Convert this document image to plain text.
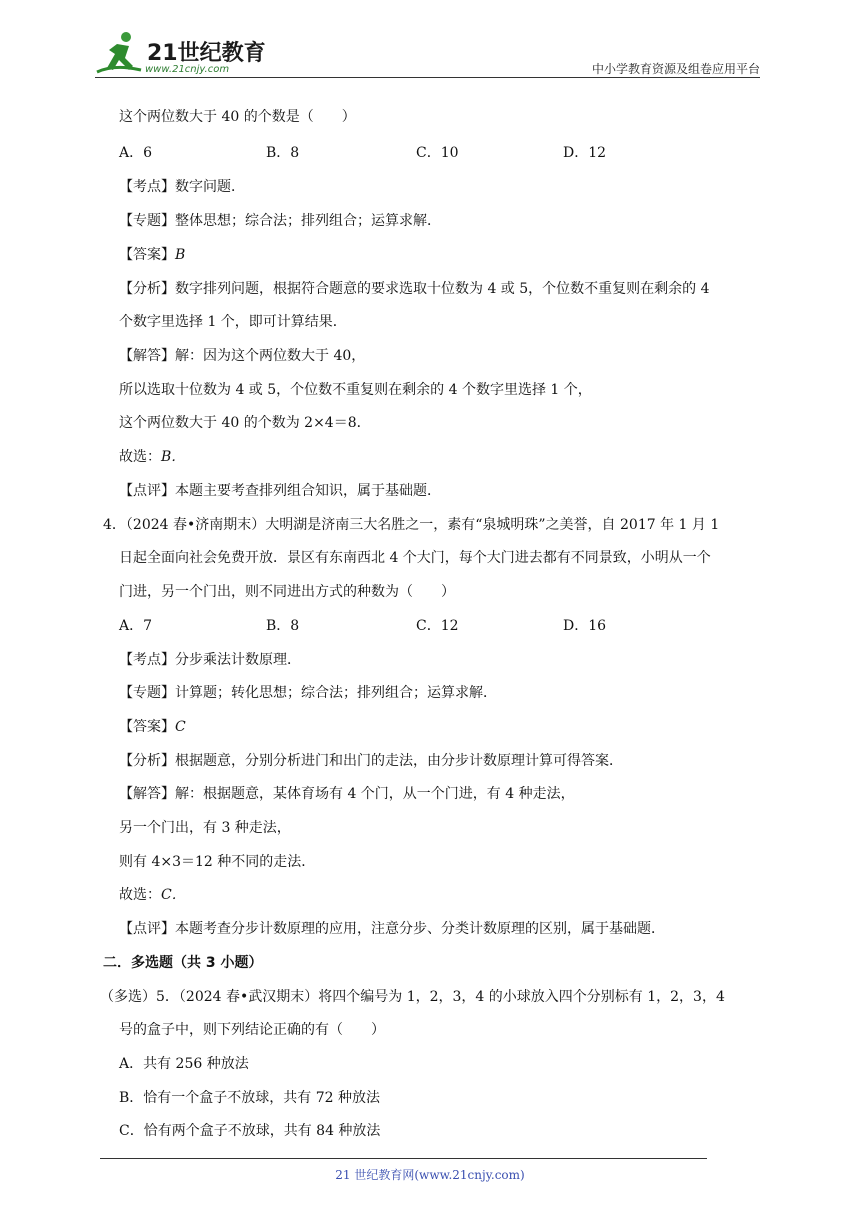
21世纪教育
www.21cnjy.com	中小学教育资源及组卷应用平台
这个两位数大于 40 的个数是（　　）
A．6	B．8	C．10	D．12
【考点】数字问题．
【专题】整体思想；综合法；排列组合；运算求解．
【答案】B
【分析】数字排列问题，根据符合题意的要求选取十位数为 4 或 5，个位数不重复则在剩余的 4
个数字里选择 1 个，即可计算结果．
【解答】解：因为这个两位数大于 40，
所以选取十位数为 4 或 5，个位数不重复则在剩余的 4 个数字里选择 1 个，
这个两位数大于 40 的个数为 2×4＝8．
故选：B．
【点评】本题主要考查排列组合知识，属于基础题．
4．（2024 春•济南期末）大明湖是济南三大名胜之一，素有“泉城明珠”之美誉，自 2017 年 1 月 1
日起全面向社会免费开放．景区有东南西北 4 个大门，每个大门进去都有不同景致，小明从一个
门进，另一个门出，则不同进出方式的种数为（　　）
A．7	B．8	C．12	D．16
【考点】分步乘法计数原理．
【专题】计算题；转化思想；综合法；排列组合；运算求解．
【答案】C
【分析】根据题意，分别分析进门和出门的走法，由分步计数原理计算可得答案．
【解答】解：根据题意，某体育场有 4 个门，从一个门进，有 4 种走法，
另一个门出，有 3 种走法，
则有 4×3＝12 种不同的走法．
故选：C．
【点评】本题考查分步计数原理的应用，注意分步、分类计数原理的区别，属于基础题．
二．多选题（共 3 小题）
（多选）5．（2024 春•武汉期末）将四个编号为 1，2，3，4 的小球放入四个分别标有 1，2，3，4
号的盒子中，则下列结论正确的有（　　）
A．共有 256 种放法
B．恰有一个盒子不放球，共有 72 种放法
C．恰有两个盒子不放球，共有 84 种放法
21 世纪教育网(www.21cnjy.com)
